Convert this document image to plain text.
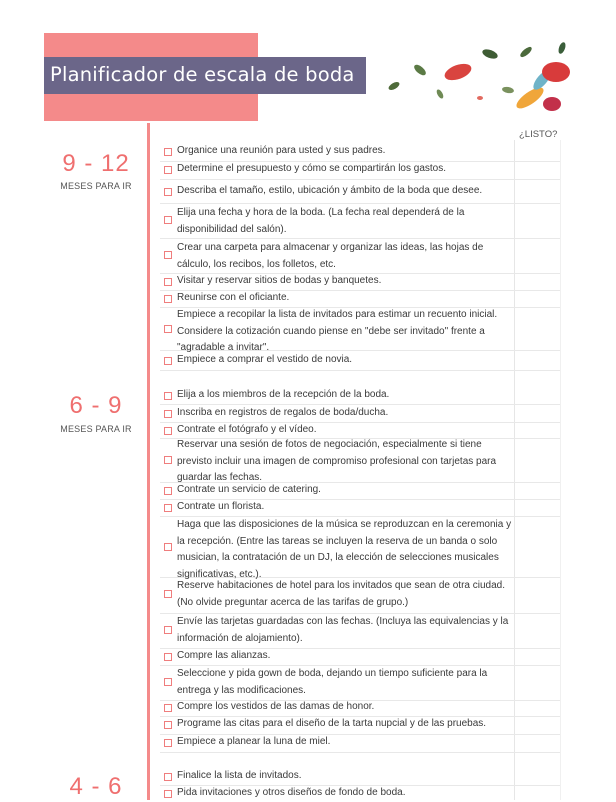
Planificador de escala de boda
¿LISTO?
9 - 12
MESES PARA IR
Organice una reunión para usted y sus padres.
Determine el presupuesto y cómo se compartirán los gastos.
Describa el tamaño, estilo, ubicación y ámbito de la boda que desee.
Elija una fecha y hora de la boda. (La fecha real dependerá de la disponibilidad del salón).
Crear una carpeta para almacenar y organizar las ideas, las hojas de cálculo, los recibos, los folletos, etc.
Visitar y reservar sitios de bodas y banquetes.
Reunirse con el oficiante.
Empiece a recopilar la lista de invitados para estimar un recuento inicial. Considere la cotización cuando piense en "debe ser invitado" frente a "agradable a invitar".
Empiece a comprar el vestido de novia.
6 - 9
MESES PARA IR
Elija a los miembros de la recepción de la boda.
Inscriba en registros de regalos de boda/ducha.
Contrate el fotógrafo y el vídeo.
Reservar una sesión de fotos de negociación, especialmente si tiene previsto incluir una imagen de compromiso profesional con tarjetas para guardar las fechas.
Contrate un servicio de catering.
Contrate un florista.
Haga que las disposiciones de la música se reproduzcan en la ceremonia y la recepción. (Entre las tareas se incluyen la reserva de un banda o solo musician, la contratación de un DJ, la elección de selecciones musicales significativas, etc.).
Reserve habitaciones de hotel para los invitados que sean de otra ciudad. (No olvide preguntar acerca de las tarifas de grupo.)
Envíe las tarjetas guardadas con las fechas. (Incluya las equivalencias y la información de alojamiento).
Compre las alianzas.
Seleccione y pida gown de boda, dejando un tiempo suficiente para la entrega y las modificaciones.
Compre los vestidos de las damas de honor.
Programe las citas para el diseño de la tarta nupcial y de las pruebas.
Empiece a planear la luna de miel.
4 - 6	Finalice la lista de invitados.
Pida invitaciones y otros diseños de fondo de boda.
